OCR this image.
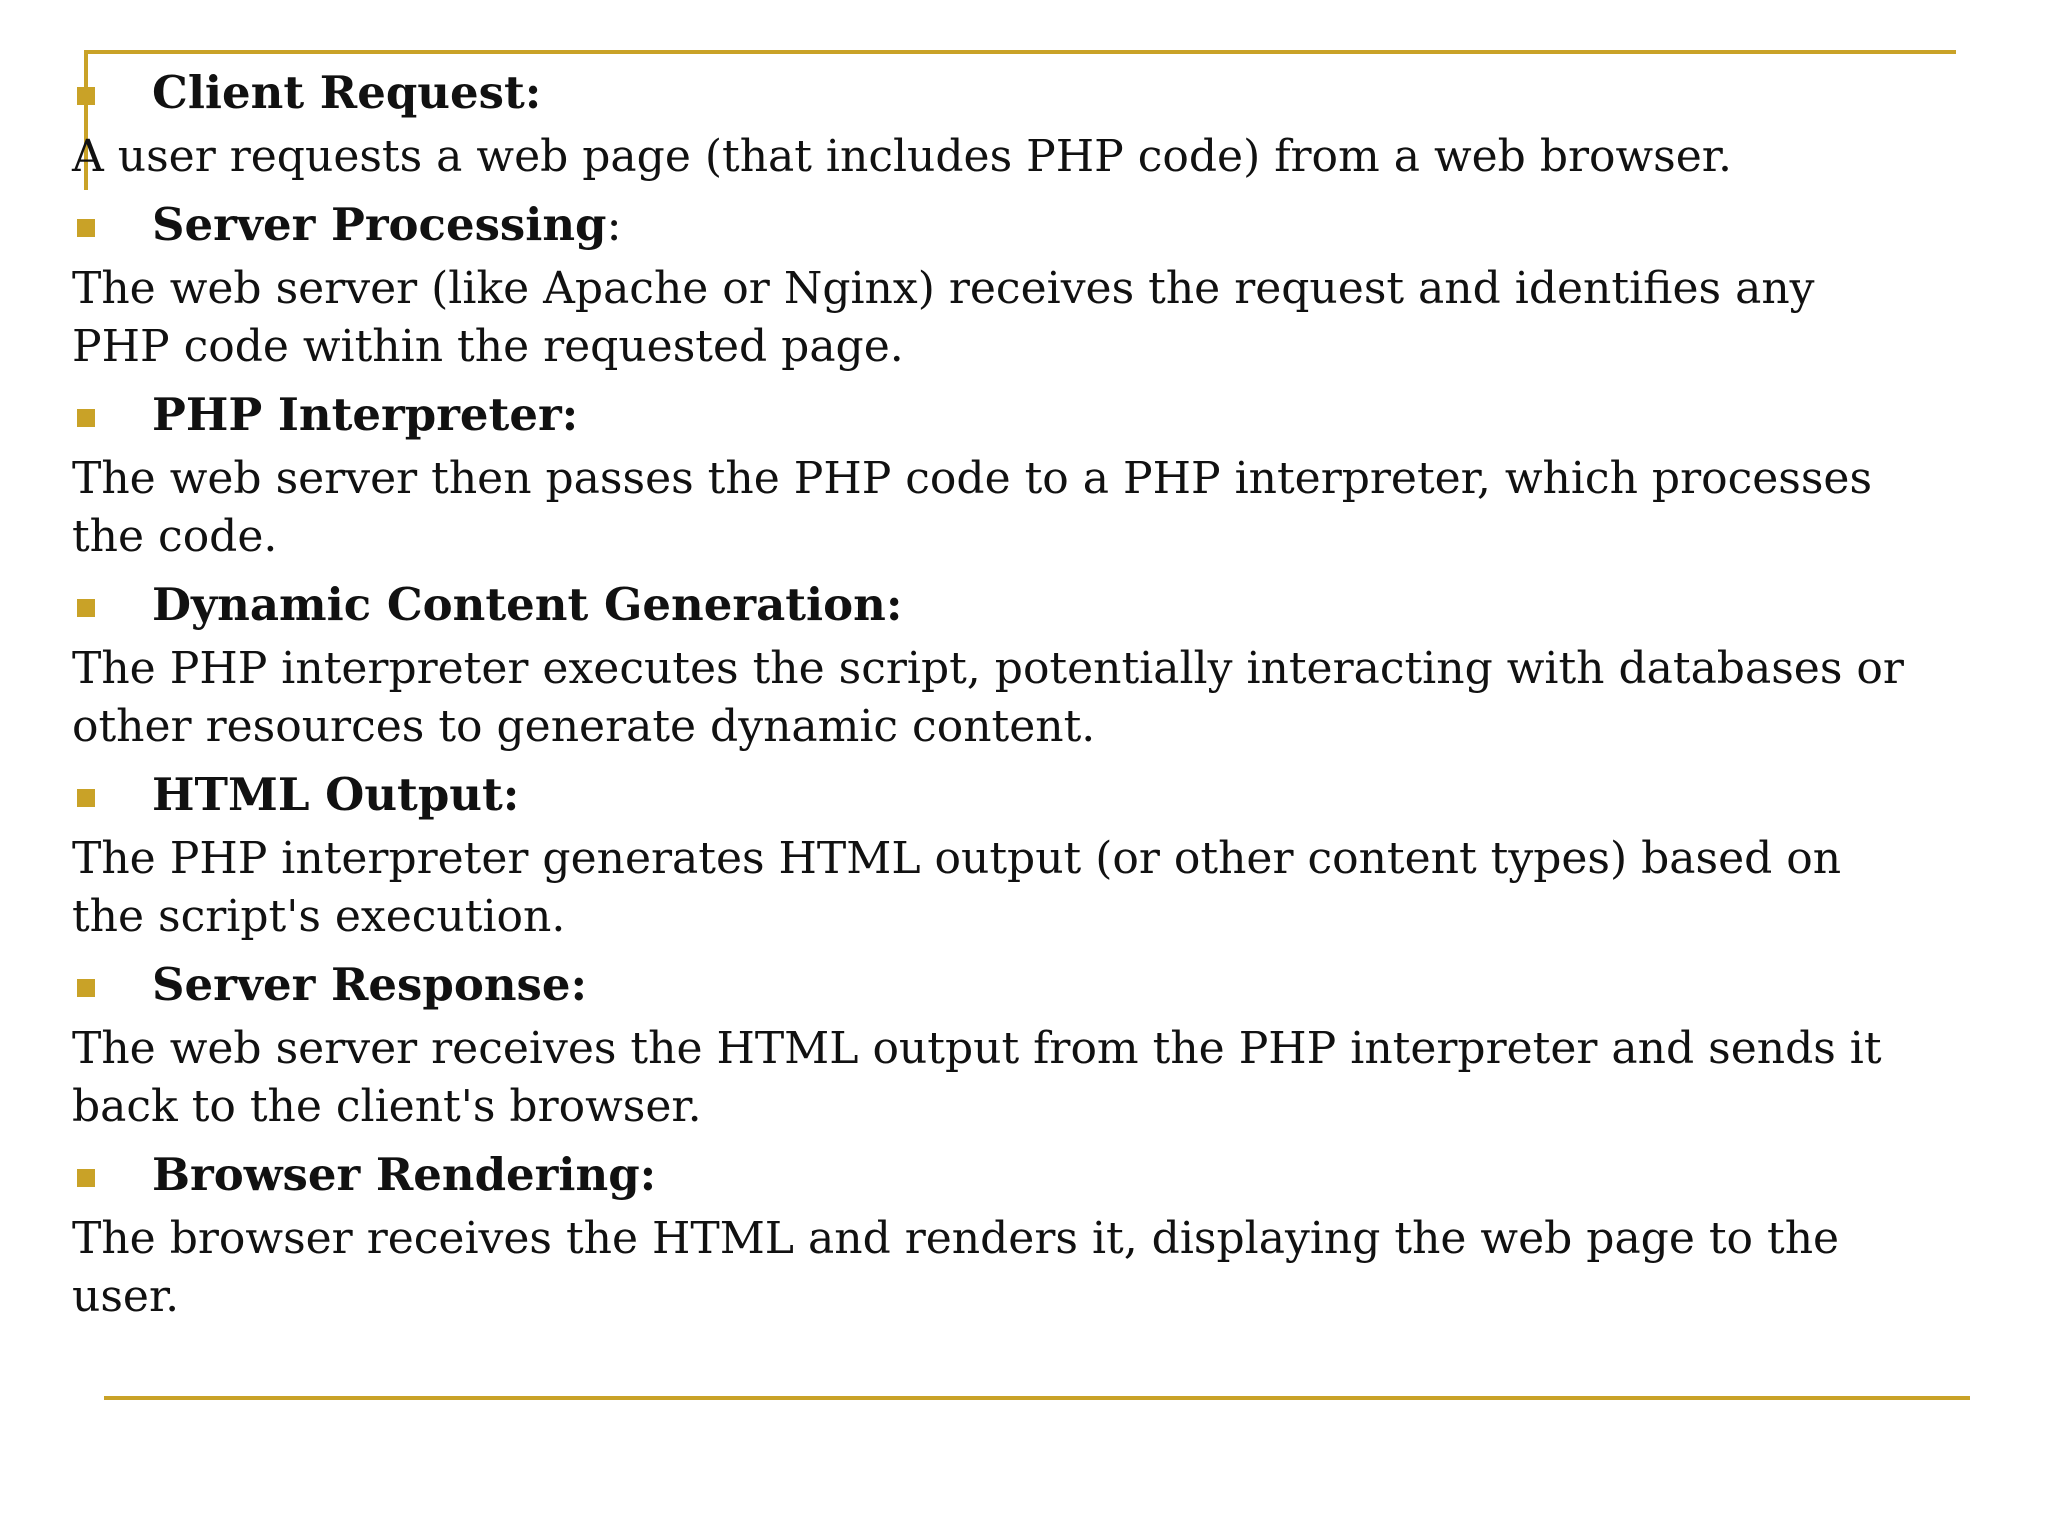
Client Request:
A user requests a web page (that includes PHP code) from a web browser.
Server Processing :
The web server (like Apache or Nginx) receives the request and identifies any PHP code within the requested page.
PHP Interpreter:
The web server then passes the PHP code to a PHP interpreter, which processes the code.
Dynamic Content Generation:
The PHP interpreter executes the script, potentially interacting with databases or other resources to generate dynamic content.
HTML Output:
The PHP interpreter generates HTML output (or other content types) based on the script's execution.
Server Response:
The web server receives the HTML output from the PHP interpreter and sends it back to the client's browser.
Browser Rendering:
The browser receives the HTML and renders it, displaying the web page to the user.
